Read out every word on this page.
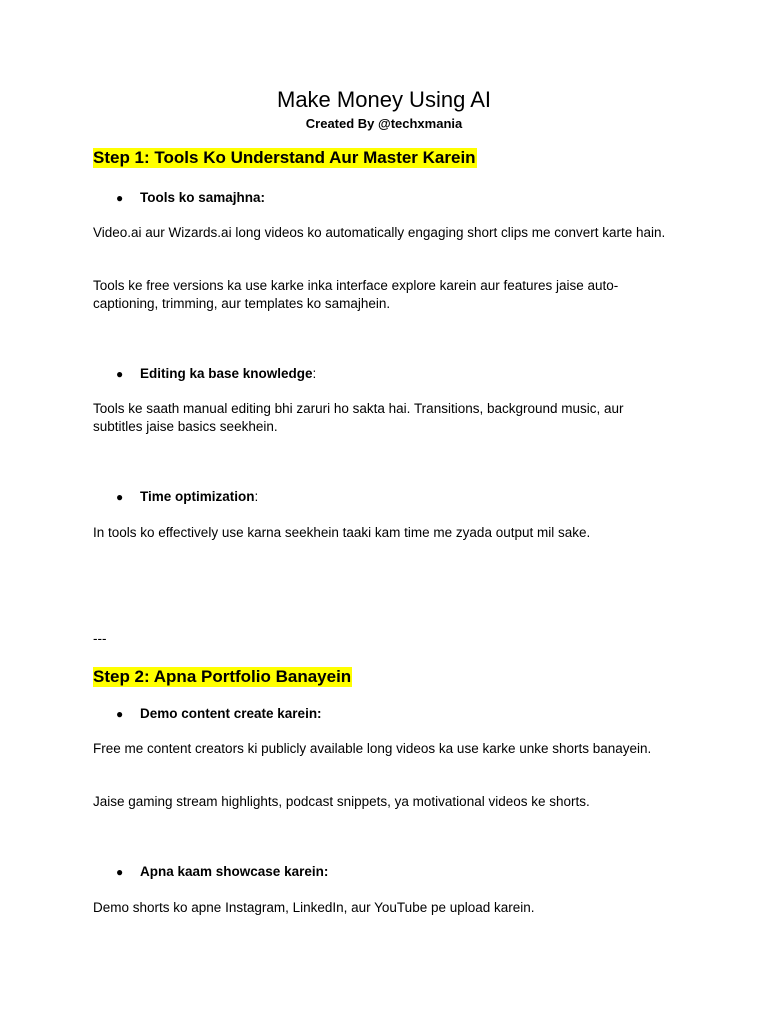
Make Money Using AI
Created By @techxmania
Step 1: Tools Ko Understand Aur Master Karein
● Tools ko samajhna:

Video.ai aur Wizards.ai long videos ko automatically engaging short clips me convert karte hain.

Tools ke free versions ka use karke inka interface explore karein aur features jaise auto-captioning, trimming, aur templates ko samajhein.

● Editing ka base knowledge:

Tools ke saath manual editing bhi zaruri ho sakta hai. Transitions, background music, aur subtitles jaise basics seekhein.

● Time optimization:

In tools ko effectively use karna seekhein taaki kam time me zyada output mil sake.

---

Step 2: Apna Portfolio Banayein
● Demo content create karein:

Free me content creators ki publicly available long videos ka use karke unke shorts banayein.

Jaise gaming stream highlights, podcast snippets, ya motivational videos ke shorts.

● Apna kaam showcase karein:

Demo shorts ko apne Instagram, LinkedIn, aur YouTube pe upload karein.
